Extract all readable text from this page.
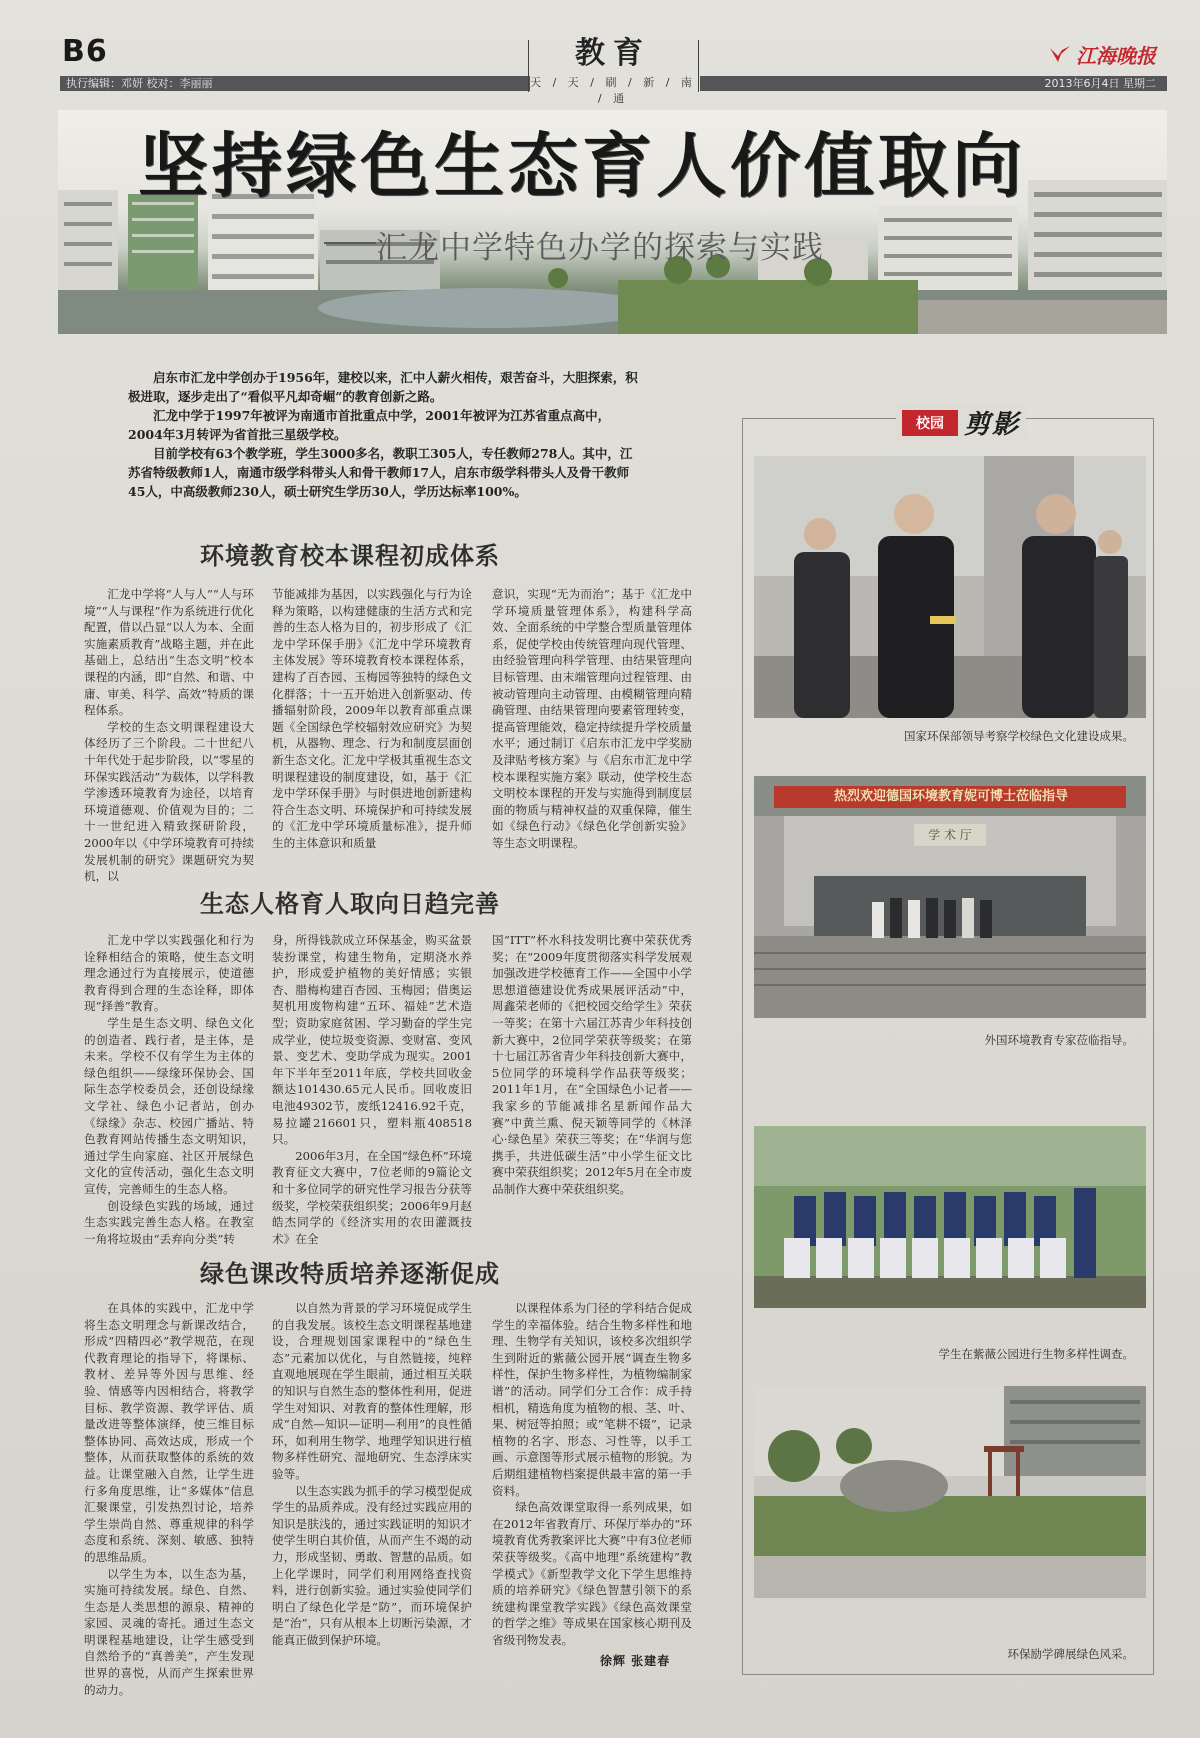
B6
执行编辑：邓妍 校对：李丽丽	2013年6月4日 星期二
教育
天 / 天 / 刷 / 新 / 南 / 通
江海晚报
坚持绿色生态育人价值取向
汇龙中学特色办学的探索与实践

启东市汇龙中学创办于1956年，建校以来，汇中人薪火相传，艰苦奋斗，大胆探索，积极进取，逐步走出了“看似平凡却奇崛”的教育创新之路。

汇龙中学于1997年被评为南通市首批重点中学，2001年被评为江苏省重点高中，2004年3月转评为省首批三星级学校。

目前学校有63个教学班，学生3000多名，教职工305人，专任教师278人。其中，江苏省特级教师1人，南通市级学科带头人和骨干教师17人，启东市级学科带头人及骨干教师45人，中高级教师230人，硕士研究生学历30人，学历达标率100%。

环境教育校本课程初成体系

汇龙中学将“人与人”“人与环境”“人与课程”作为系统进行优化配置，借以凸显“以人为本、全面实施素质教育”战略主题，并在此基础上，总结出“生态文明”校本课程的内涵，即“自然、和谐、中庸、审美、科学、高效”特质的课程体系。

学校的生态文明课程建设大体经历了三个阶段。二十世纪八十年代处于起步阶段，以“零星的环保实践活动”为载体，以学科教学渗透环境教育为途径，以培育环境道德观、价值观为目的；二十一世纪进入精致探研阶段，2000年以《中学环境教育可持续发展机制的研究》课题研究为契机，以

节能减排为基因，以实践强化与行为诠释为策略，以构建健康的生活方式和完善的生态人格为目的，初步形成了《汇龙中学环保手册》《汇龙中学环境教育主体发展》等环境教育校本课程体系，建构了百杏园、玉梅园等独特的绿色文化群落；十一五开始进入创新驱动、传播辐射阶段，2009年以教育部重点课题《全国绿色学校辐射效应研究》为契机，从器物、理念、行为和制度层面创新生态文化。汇龙中学极其重视生态文明课程建设的制度建设，如，基于《汇龙中学环保手册》与时俱进地创新建构符合生态文明、环境保护和可持续发展的《汇龙中学环境质量标准》，提升师生的主体意识和质量

意识，实现“无为而治”；基于《汇龙中学环境质量管理体系》，构建科学高效、全面系统的中学整合型质量管理体系，促使学校由传统管理向现代管理、由经验管理向科学管理、由结果管理向目标管理、由末端管理向过程管理、由被动管理向主动管理、由模糊管理向精确管理、由结果管理向要素管理转变，提高管理能效，稳定持续提升学校质量水平；通过制订《启东市汇龙中学奖励及津贴考核方案》与《启东市汇龙中学校本课程实施方案》联动，使学校生态文明校本课程的开发与实施得到制度层面的物质与精神权益的双重保障，催生如《绿色行动》《绿色化学创新实验》等生态文明课程。

生态人格育人取向日趋完善

汇龙中学以实践强化和行为诠释相结合的策略，使生态文明理念通过行为直接展示，使道德教育得到合理的生态诠释，即体现“择善”教育。

学生是生态文明、绿色文化的创造者、践行者，是主体，是未来。学校不仅有学生为主体的绿色组织——绿缘环保协会、国际生态学校委员会，还创设绿缘文学社、绿色小记者站，创办《绿缘》杂志、校园广播站、特色教育网站传播生态文明知识，通过学生向家庭、社区开展绿色文化的宣传活动，强化生态文明宣传，完善师生的生态人格。

创设绿色实践的场域，通过生态实践完善生态人格。在教室一角将垃圾由“丢弃向分类”转

身，所得钱款成立环保基金，购买盆景装扮课堂，构建生物角，定期浇水养护，形成爱护植物的美好情感；实银杏、腊梅构建百杏园、玉梅园；借奥运契机用废物构建“五环、福娃”艺术造型；资助家庭贫困、学习勤奋的学生完成学业，使垃圾变资源、变财富、变风景、变艺术、变助学成为现实。2001年下半年至2011年底，学校共回收金额达101430.65元人民币。回收废旧电池49302节，废纸12416.92千克，易拉罐216601只，塑料瓶408518只。

2006年3月，在全国“绿色杯”环境教育征文大赛中，7位老师的9篇论文和十多位同学的研究性学习报告分获等级奖，学校荣获组织奖；2006年9月赵皓杰同学的《经济实用的农田灌溉技术》在全

国“ITT”杯水科技发明比赛中荣获优秀奖；在“2009年度贯彻落实科学发展观 加强改进学校德育工作——全国中小学思想道德建设优秀成果展评活动”中，周鑫荣老师的《把校园交给学生》荣获一等奖；在第十六届江苏青少年科技创新大赛中，2位同学荣获等级奖；在第十七届江苏省青少年科技创新大赛中，5位同学的环境科学作品获等级奖；2011年1月，在“全国绿色小记者——我家乡的节能减排名星新闻作品大赛”中黄兰熏、倪天颖等同学的《林泽心·绿色星》荣获三等奖；在“华润与您携手，共进低碳生活”中小学生征文比赛中荣获组织奖；2012年5月在全市废品制作大赛中荣获组织奖。

绿色课改特质培养逐渐促成

在具体的实践中，汇龙中学将生态文明理念与新课改结合，形成“四精四必”教学规范，在现代教育理论的指导下，将课标、教材、差异等外因与思维、经验、情感等内因相结合，将教学目标、教学资源、教学评估、质量改进等整体演绎，使三维目标整体协同、高效达成，形成一个整体，从而获取整体的系统的效益。让课堂融入自然，让学生进行多角度思维，让“多媒体”信息汇聚课堂，引发热烈讨论，培养学生崇尚自然、尊重规律的科学态度和系统、深刻、敏感、独特的思维品质。

以学生为本，以生态为基，实施可持续发展。绿色、自然、生态是人类思想的源泉、精神的家园、灵魂的寄托。通过生态文明课程基地建设，让学生感受到自然给予的“真善美”，产生发现世界的喜悦，从而产生探索世界的动力。

以自然为背景的学习环境促成学生的自我发展。该校生态文明课程基地建设，合理规划国家课程中的“绿色生态”元素加以优化，与自然链接，纯粹直观地展现在学生眼前，通过相互关联的知识与自然生态的整体性利用，促进学生对知识、对教育的整体性理解，形成“自然—知识—证明—利用”的良性循环，如利用生物学、地理学知识进行植物多样性研究、湿地研究、生态浮床实验等。

以生态实践为抓手的学习模型促成学生的品质养成。没有经过实践应用的知识是肤浅的，通过实践证明的知识才使学生明白其价值，从而产生不竭的动力，形成坚韧、勇敢、智慧的品质。如上化学课时，同学们利用网络查找资料，进行创新实验。通过实验使同学们明白了绿色化学是“防”，而环境保护是“治”，只有从根本上切断污染源，才能真正做到保护环境。

以课程体系为门径的学科结合促成学生的幸福体验。结合生物多样性和地理、生物学有关知识，该校多次组织学生到附近的紫薇公园开展“调查生物多样性，保护生物多样性，为植物编制家谱”的活动。同学们分工合作：成手持相机，精选角度为植物的根、茎、叶、果、树冠等拍照；或“笔耕不辍”，记录植物的名字、形态、习性等，以手工画、示意图等形式展示植物的形貌。为后期组建植物档案提供最丰富的第一手资料。

绿色高效课堂取得一系列成果，如在2012年省教育厅、环保厅举办的“环境教育优秀教案评比大赛”中有3位老师荣获等级奖。《高中地理“系统建构”教学模式》《新型教学文化下学生思维持质的培养研究》《绿色智慧引领下的系统建构课堂教学实践》《绿色高效课堂的哲学之维》等成果在国家核心期刊及省级刊物发表。

徐辉 张建春
校园 剪影
国家环保部领导考察学校绿色文化建设成果。
热烈欢迎德国环境教育妮可博士莅临指导
学 术 厅
外国环境教育专家莅临指导。
学生在紫薇公园进行生物多样性调查。
环保励学碑展绿色风采。
